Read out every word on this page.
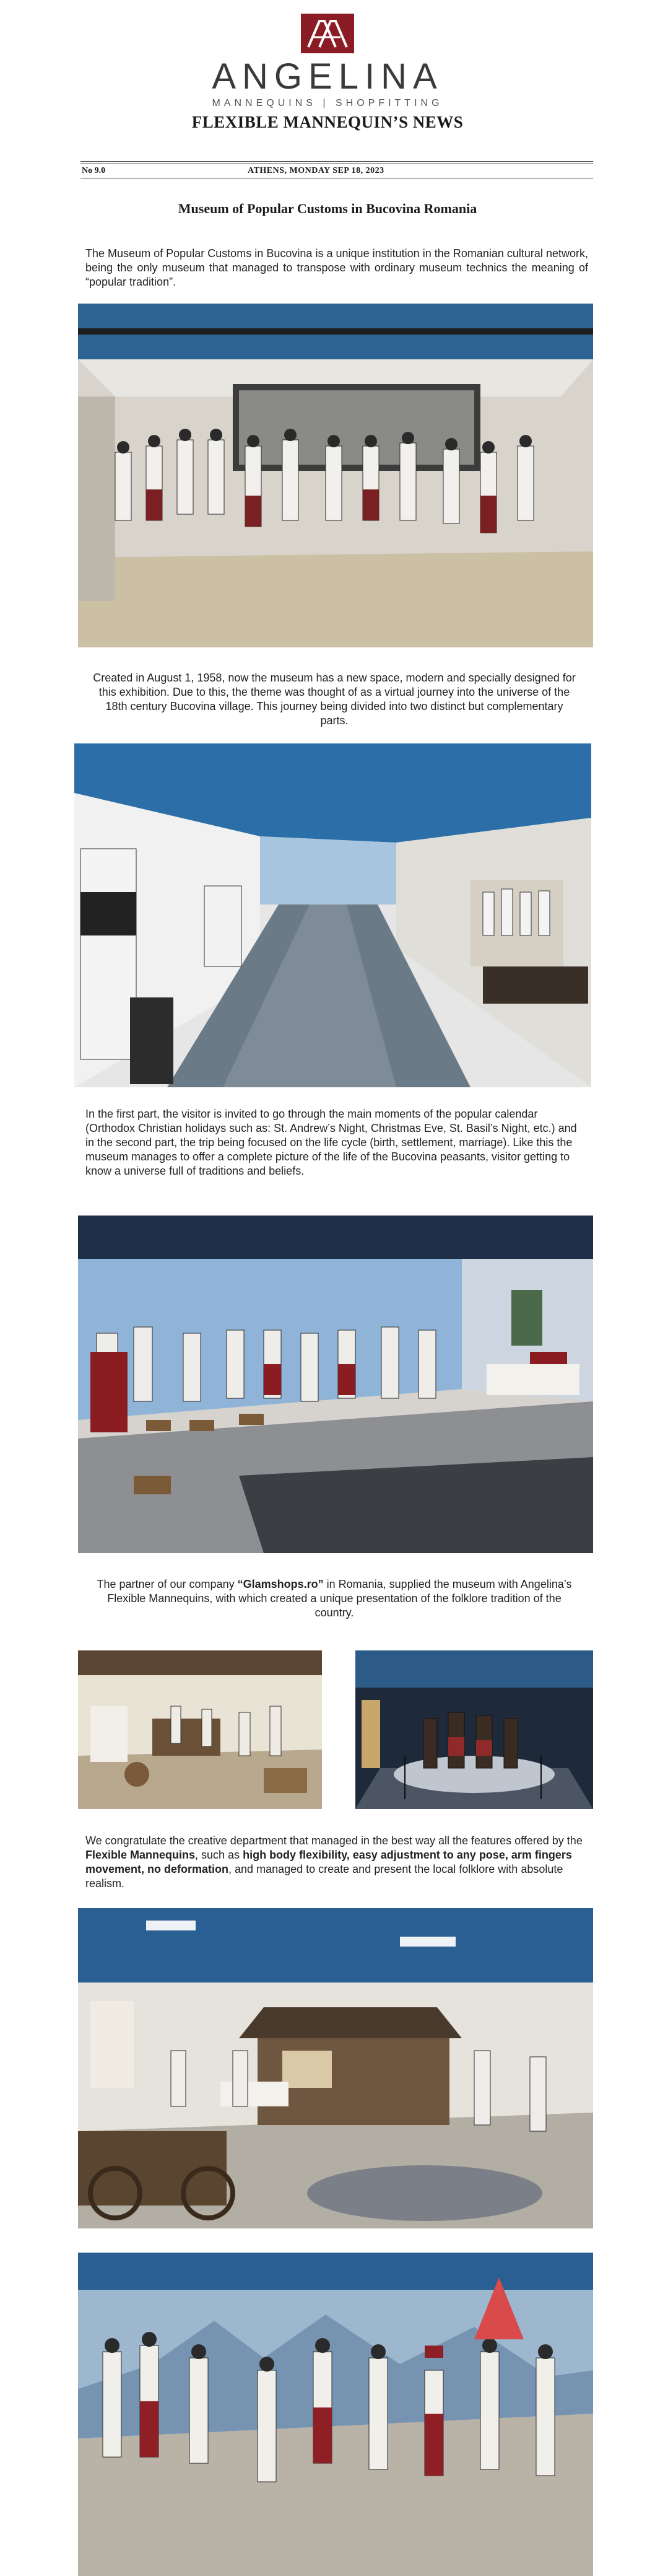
ANGELINA
MANNEQUINS | SHOPFITTING
FLEXIBLE MANNEQUIN’S NEWS
No 9.0	ATHENS, MONDAY SEP 18, 2023
Museum of Popular Customs in Bucovina Romania
The Museum of Popular Customs in Bucovina is a unique institution in the Romanian cultural network, being the only museum that managed to transpose with ordinary museum technics the meaning of “popular tradition”.
Created in August 1, 1958, now the museum has a new space, modern and specially designed for this exhibition. Due to this, the theme was thought of as a virtual journey into the universe of the 18th century Bucovina village. This journey being divided into two distinct but complementary parts.
In the first part, the visitor is invited to go through the main moments of the popular calendar (Orthodox Christian holidays such as: St. Andrew’s Night, Christmas Eve, St. Basil’s Night, etc.) and in the second part, the trip being focused on the life cycle (birth, settlement, marriage). Like this the museum manages to offer a complete picture of the life of the Bucovina peasants, visitor getting to know a universe full of traditions and beliefs.
The partner of our company “Glamshops.ro” in Romania, supplied the museum with Angelina’s Flexible Mannequins, with which created a unique presentation of the folklore tradition of the country.
We congratulate the creative department that managed in the best way all the features offered by the Flexible Mannequins, such as high body flexibility, easy adjustment to any pose, arm fingers movement, no deformation, and managed to create and present the local folklore with absolute realism.
